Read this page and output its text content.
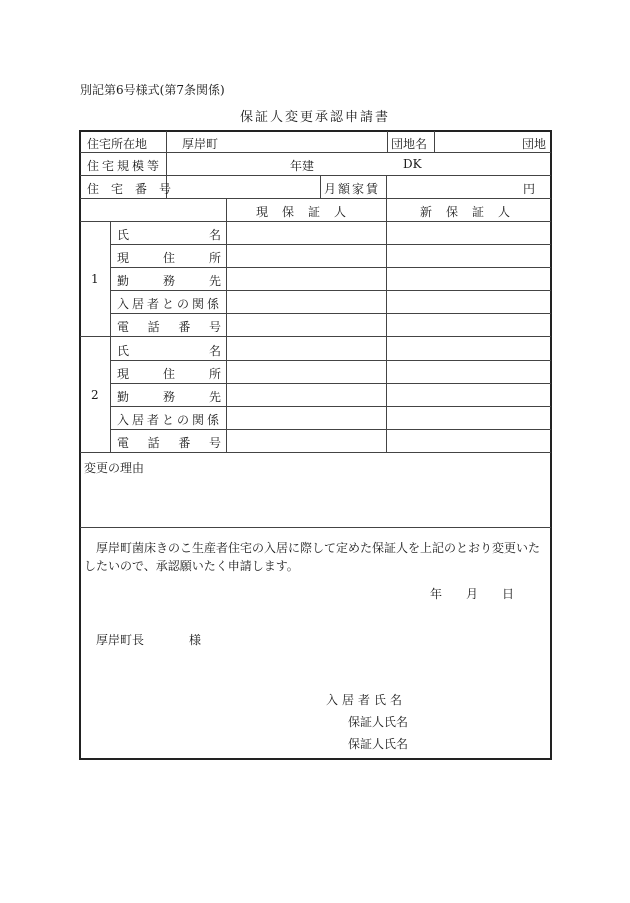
別記第6号様式(第7条関係)
保証人変更承認申請書
住宅所在地	厚岸町	団地名	団地
住宅規模等	年建	DK
住宅番号	月額家賃	円
現保証人	新保証人
1
氏	名
現	住	所
勤	務	先
入居者との関係
電 話 番 号
2
氏	名
現	住	所
勤	務	先
入居者との関係
電 話 番 号
変更の理由
厚岸町菌床きのこ生産者住宅の入居に際して定めた保証人を上記のとおり変更いたしたいので、承認願いたく申請します。
年 月 日
厚岸町長	様
入居者氏名
保証人氏名
保証人氏名
